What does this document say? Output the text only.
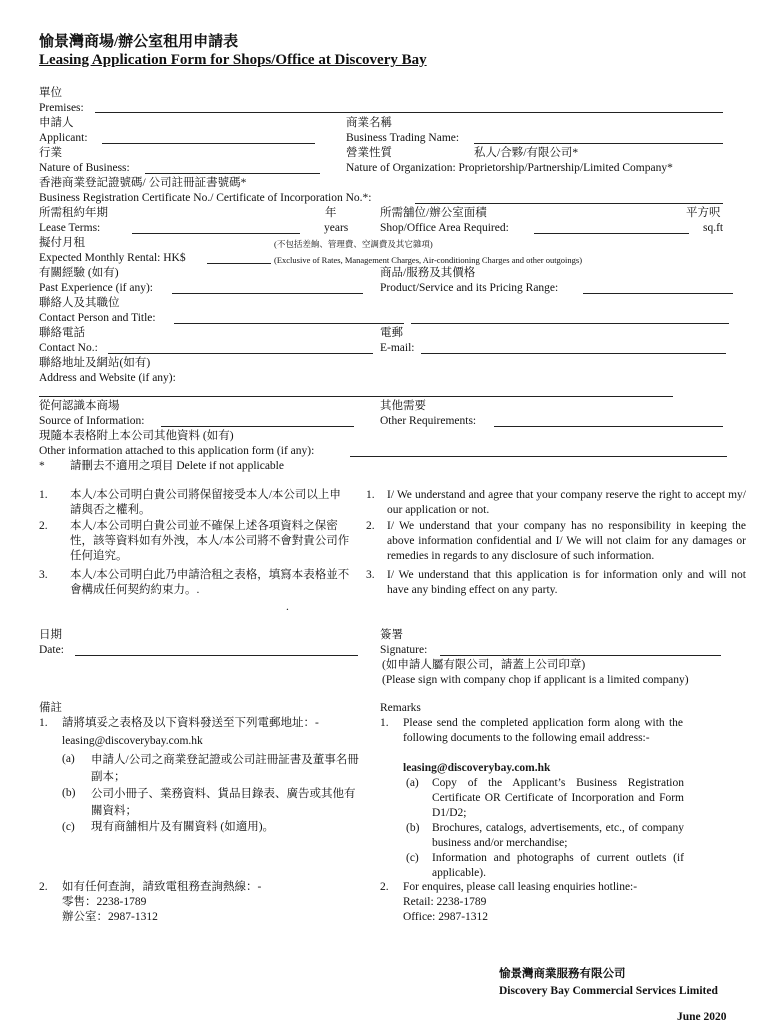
愉景灣商場/辦公室租用申請表
Leasing Application Form for Shops/Office at Discovery Bay
單位
Premises:
申請人
Applicant:
商業名稱
Business Trading Name:
行業
Nature of Business:
營業性質	私人/合夥/有限公司*
Nature of Organization: Proprietorship/Partnership/Limited Company*
香港商業登記證號碼/ 公司註冊証書號碼*
Business Registration Certificate No./ Certificate of Incorporation No.*:
所需租約年期	年
Lease Terms:	years
所需舖位/辦公室面積	平方呎
Shop/Office Area Required:	sq.ft
擬付月租	(不包括差餉、管理費、空調費及其它雜項)
Expected Monthly Rental: HK$	(Exclusive of Rates, Management Charges, Air-conditioning Charges and other outgoings)
有關經驗 (如有)
Past Experience (if any):
商品/服務及其價格
Product/Service and its Pricing Range:
聯絡人及其職位
Contact Person and Title:
聯絡電話
Contact No.:
電郵
E-mail:
聯絡地址及網站(如有)
Address and Website (if any):
從何認識本商場
Source of Information:
其他需要
Other Requirements:
現隨本表格附上本公司其他資料 (如有)
Other information attached to this application form (if any):
* 請刪去不適用之項目 Delete if not applicable
1. 本人/本公司明白貴公司將保留接受本人/本公司以上申請與否之權利。
2. 本人/本公司明白貴公司並不確保上述各項資料之保密性，該等資料如有外洩，本人/本公司將不會對貴公司作任何追究。
3. 本人/本公司明白此乃申請洽租之表格，填寫本表格並不會構成任何契約約束力。.
1. I/ We understand and agree that your company reserve the right to accept my/ our application or not.
2. I/ We understand that your company has no responsibility in keeping the above information confidential and I/ We will not claim for any damages or remedies in regards to any disclosure of such information.
3. I/ We understand that this application is for information only and will not have any binding effect on any party.
.
日期
Date:
簽署
Signature:
(如申請人屬有限公司，請蓋上公司印章)
(Please sign with company chop if applicant is a limited company)
備註
1. 請將填妥之表格及以下資料發送至下列電郵地址：-
leasing@discoverybay.com.hk
(a) 申請人/公司之商業登記證或公司註冊証書及董事名冊副本；
(b) 公司小冊子、業務資料、貨品目錄表、廣告或其他有關資料；
(c) 現有商舖相片及有關資料 (如適用)。
2. 如有任何查詢，請致電租務查詢熱線：-
零售：2238-1789
辦公室：2987-1312
Remarks
1. Please send the completed application form along with the following documents to the following email address:-
leasing@discoverybay.com.hk
(a) Copy of the Applicant’s Business Registration Certificate OR Certificate of Incorporation and Form D1/D2;
(b) Brochures, catalogs, advertisements, etc., of company business and/or merchandise;
(c) Information and photographs of current outlets (if applicable).
2. For enquires, please call leasing enquiries hotline:-
Retail: 2238-1789
Office: 2987-1312
愉景灣商業服務有限公司
Discovery Bay Commercial Services Limited
June 2020
